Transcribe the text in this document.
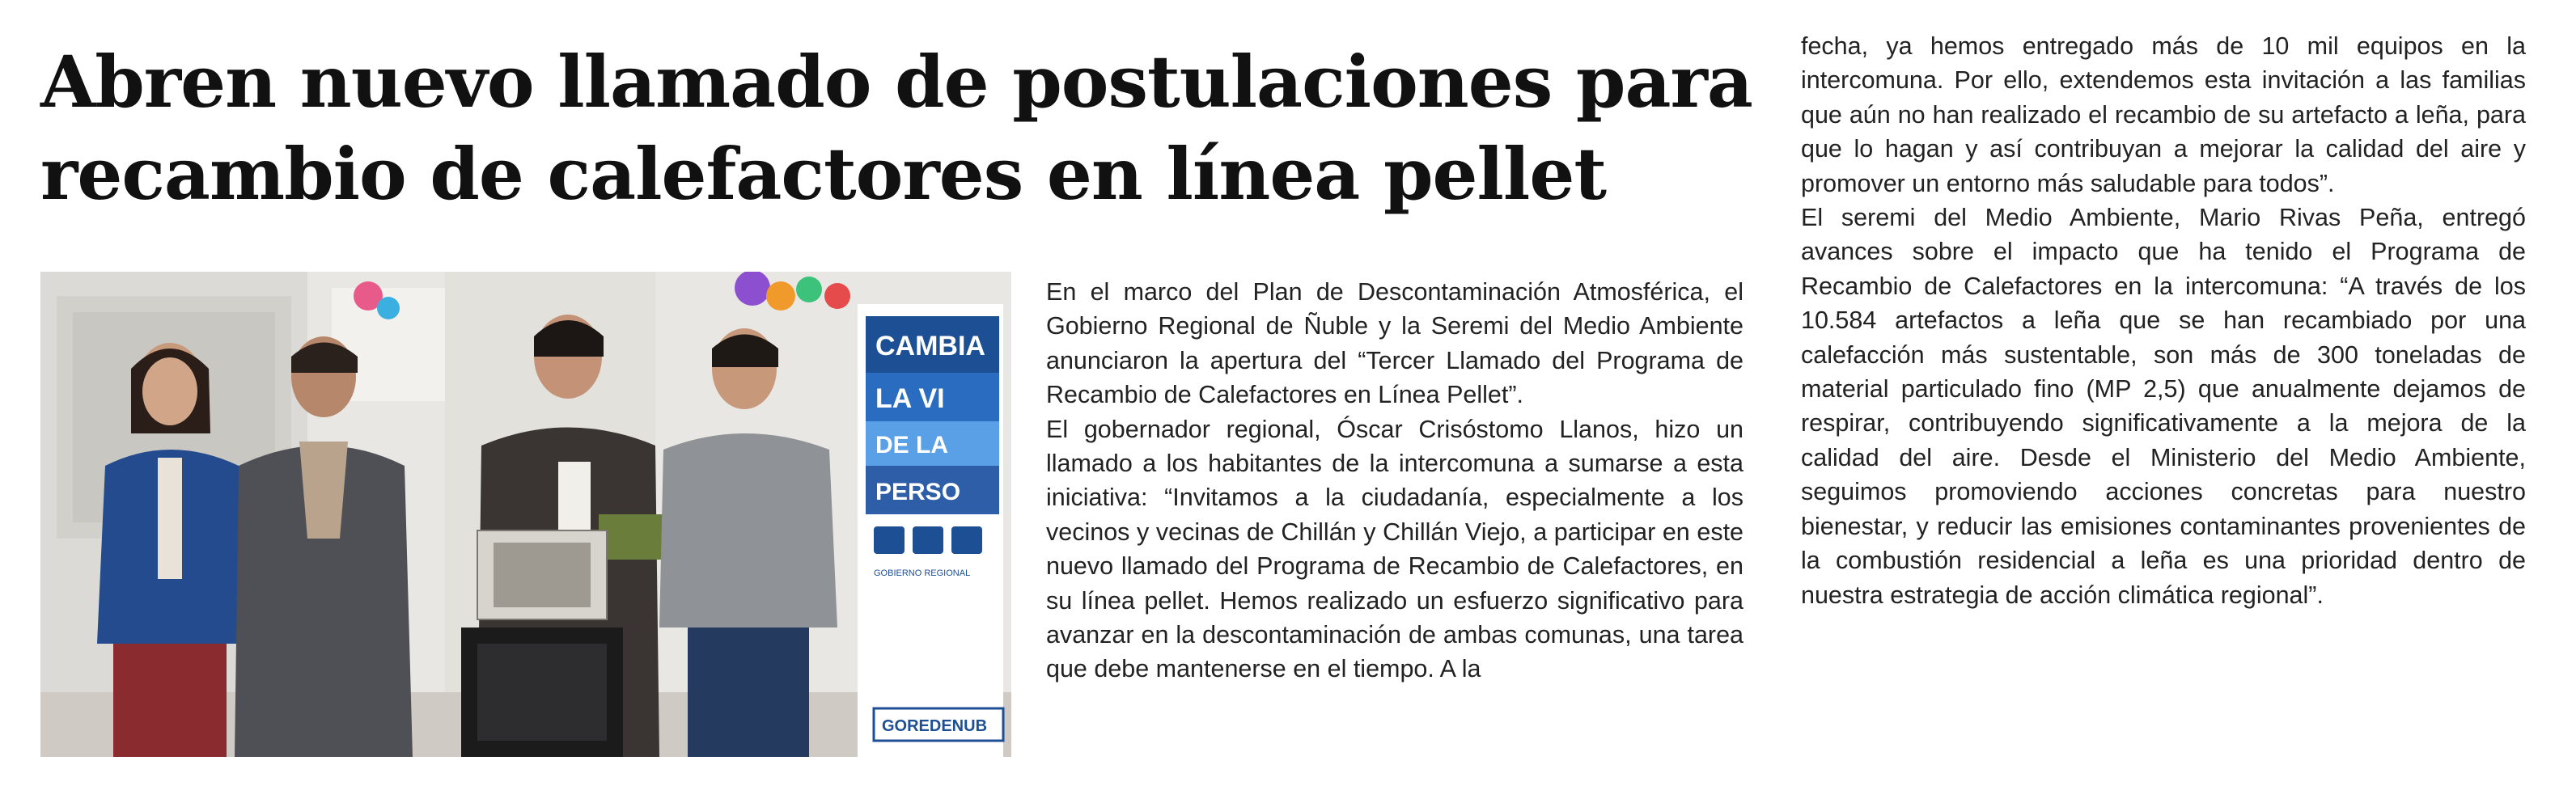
Abren nuevo llamado de postulaciones para
recambio de calefactores en línea pellet
CAMBIA
LA VI
DE LA
PERSO
GOBIERNO REGIONAL
GOREDENUB

En el marco del Plan de Descontaminación Atmosférica, el Gobierno Regional de Ñuble y la Seremi del Medio Ambiente anunciaron la apertura del “Tercer Llamado del Programa de Recambio de Calefactores en Línea Pellet”.

El gobernador regional, Óscar Crisóstomo Llanos, hizo un llamado a los habitantes de la intercomuna a sumarse a esta iniciativa: “Invitamos a la ciudadanía, especialmente a los vecinos y vecinas de Chillán y Chillán Viejo, a participar en este nuevo llamado del Programa de Recambio de Calefactores, en su línea pellet. Hemos realizado un esfuerzo significativo para avanzar en la descontaminación de ambas comunas, una tarea que debe mantenerse en el tiempo. A la

fecha, ya hemos entregado más de 10 mil equipos en la intercomuna. Por ello, extendemos esta invitación a las familias que aún no han realizado el recambio de su artefacto a leña, para que lo hagan y así contribuyan a mejorar la calidad del aire y promover un entorno más saludable para todos”.

El seremi del Medio Ambiente, Mario Rivas Peña, entregó avances sobre el impacto que ha tenido el Programa de Recambio de Calefactores en la intercomuna: “A través de los 10.584 artefactos a leña que se han recambiado por una calefacción más sustentable, son más de 300 toneladas de material particulado fino (MP 2,5) que anualmente dejamos de respirar, contribuyendo significativamente a la mejora de la calidad del aire. Desde el Ministerio del Medio Ambiente, seguimos promoviendo acciones concretas para nuestro bienestar, y reducir las emisiones contaminantes provenientes de la combustión residencial a leña es una prioridad dentro de nuestra estrategia de acción climática regional”.
